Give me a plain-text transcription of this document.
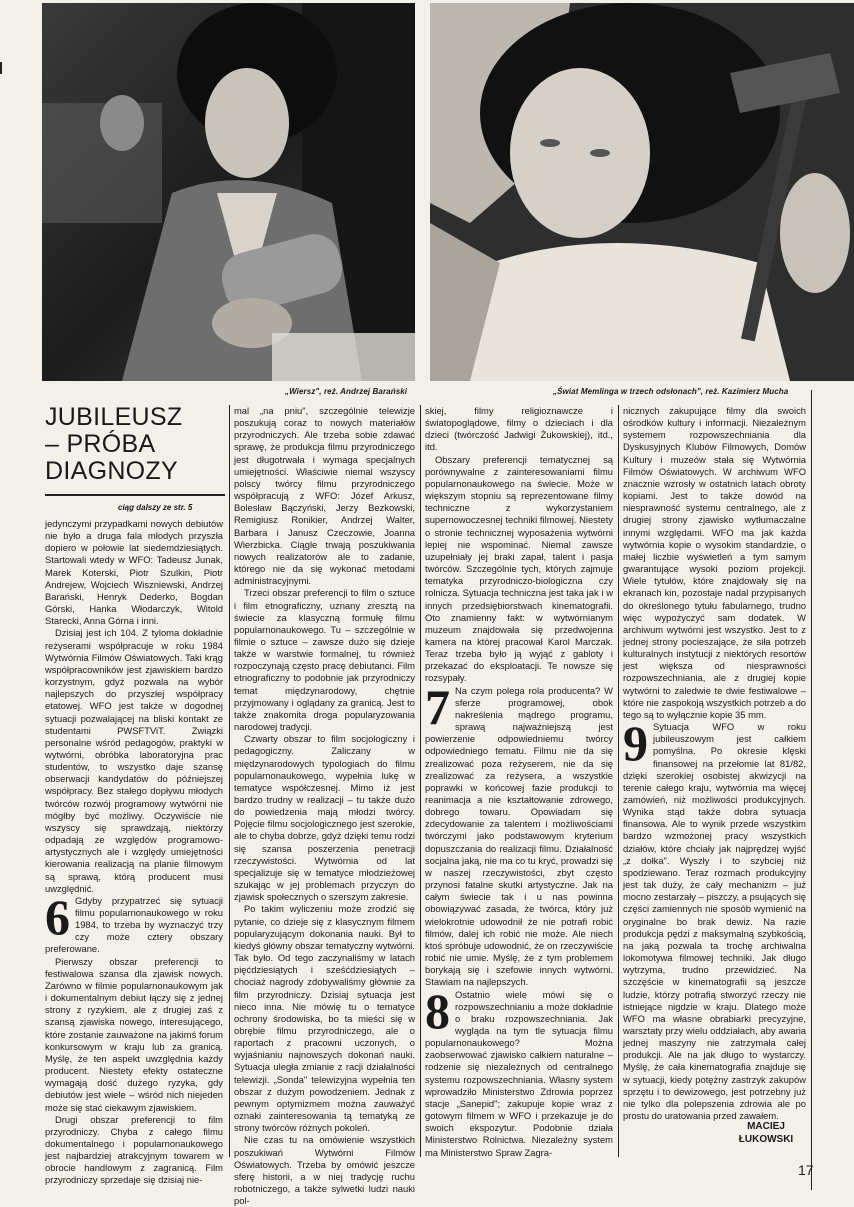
„Wiersz", reż. Andrzej Barański	„Świat Memlinga w trzech odsłonach", reż. Kazimierz Mucha
JUBILEUSZ
– PRÓBA
DIAGNOZY
ciąg dalszy ze str. 5

jedynczymi przypadkami nowych debiutów nie było a druga fala młodych przyszła dopiero w połowie lat siedemdziesiątych. Startowali wtedy w WFO: Tadeusz Junak, Marek Koterski, Piotr Szulkin, Piotr Andrejew, Wojciech Wiszniewski, Andrzej Barański, Henryk Dederko, Bogdan Górski, Hanka Włodarczyk, Witold Starecki, Anna Górna i inni.

Dzisiaj jest ich 104. Z tyloma dokładnie reżyserami współpracuje w roku 1984 Wytwórnia Filmów Oświatowych. Taki krąg współpracowników jest zjawiskiem bardzo korzystnym, gdyż pozwala na wybór najlepszych do przyszłej współpracy etatowej. WFO jest także w dogodnej sytuacji pozwalającej na bliski kontakt ze studentami PWSFTViT. Związki personalne wśród pedagogów, praktyki w wytwórni, obróbka laboratoryjna prac studentów, to wszystko daje szansę obserwacji kandydatów do późniejszej współpracy. Bez stałego dopływu młodych twórców rozwój programowy wytwórni nie mógłby być możliwy. Oczywiście nie wszyscy się sprawdzają, niektórzy odpadają ze względów programowo-artystycznych ale i względy umiejętności kierowania realizacją na planie filmowym są sprawą, którą producent musi uwzględnić.

6 Gdyby przypatrzeć się sytuacji filmu popularnonaukowego w roku 1984, to trzeba by wyznaczyć trzy czy może cztery obszary preferowane.

Pierwszy obszar preferencji to festiwalowa szansa dla zjawisk nowych. Zarówno w filmie popularnonaukowym jak i dokumentalnym debiut łączy się z jednej strony z ryzykiem, ale z drugiej zaś z szansą zjawiska nowego, interesującego, które zostanie zauważone na jakimś forum konkursowym w kraju lub za granicą. Myślę, że ten aspekt uwzględnia każdy producent. Niestety efekty ostateczne wymagają dość dużego ryzyka, gdy debiutów jest wiele – wśród nich niejeden może się stać ciekawym zjawiskiem.

Drugi obszar preferencji to film przyrodniczy. Chyba z całego filmu dokumentalnego i popularnonaukowego jest najbardziej atrakcyjnym towarem w obrocie handlowym z zagranicą. Film przyrodniczy sprzedaje się dzisiaj nie-

mal „na pniu", szczególnie telewizje poszukują coraz to nowych materiałów przyrodniczych. Ale trzeba sobie zdawać sprawę, że produkcja filmu przyrodniczego jest długotrwała i wymaga specjalnych umiejętności. Właściwie niemal wszyscy polscy twórcy filmu przyrodniczego współpracują z WFO: Józef Arkusz, Bolesław Bączyński, Jerzy Bezkowski, Remigiusz Ronikier, Andrzej Walter, Barbara i Janusz Czeczowie, Joanna Wierzbicka. Ciągle trwają poszukiwania nowych realizatorów ale to zadanie, którego nie da się wykonać metodami administracyjnymi.

Trzeci obszar preferencji to film o sztuce i film etnograficzny, uznany zresztą na świecie za klasyczną formułę filmu popularnonaukowego. Tu – szczególnie w filmie o sztuce – zawsze dużo się dzieje także w warstwie formalnej, tu również rozpoczynają często pracę debiutanci. Film etnograficzny to podobnie jak przyrodniczy temat międzynarodowy, chętnie przyjmowany i oglądany za granicą. Jest to także znakomita droga popularyzowania narodowej tradycji.

Czwarty obszar to film socjologiczny i pedagogiczny. Zaliczany w międzynarodowych typologiach do filmu popularnonaukowego, wypełnia lukę w tematyce współczesnej. Mimo iż jest bardzo trudny w realizacji – tu także dużo do powiedzenia mają młodzi twórcy. Pojęcie filmu socjologicznego jest szerokie, ale to chyba dobrze, gdyż dzięki temu rodzi się szansa poszerzenia penetracji rzeczywistości. Wytwórnia od lat specjalizuje się w tematyce młodzieżowej szukając w jej problemach przyczyn do zjawisk społecznych o szerszym zakresie.

Po takim wyliczeniu może zrodzić się pytanie, co dzieje się z klasycznym filmem popularyzującym dokonania nauki. Był to kiedyś główny obszar tematyczny wytwórni. Tak było. Od tego zaczynaliśmy w latach pięćdziesiątych i sześćdziesiątych – chociaż nagrody zdobywaliśmy głównie za film przyrodniczy. Dzisiaj sytuacja jest nieco inna. Nie mówię tu o tematyce ochrony środowiska, bo ta mieści się w obrębie filmu przyrodniczego, ale o raportach z pracowni uczonych, o wyjaśnianiu najnowszych dokonań nauki. Sytuacja uległa zmianie z racji działalności telewizji. „Sonda" telewizyjna wypełnia ten obszar z dużym powodzeniem. Jednak z pewnym optymizmem można zauważyć oznaki zainteresowania tą tematyką ze strony twórców różnych pokoleń.

Nie czas tu na omówienie wszystkich poszukiwań Wytwórni Filmów Oświatowych. Trzeba by omówić jeszcze sferę historii, a w niej tradycję ruchu robotniczego, a także sylwetki ludzi nauki pol-

skiej, filmy religioznawcze i światopoglądowe, filmy o dzieciach i dla dzieci (twórczość Jadwigi Żukowskiej), itd., itd.

Obszary preferencji tematycznej są porównywalne z zainteresowaniami filmu popularnonaukowego na świecie. Może w większym stopniu są reprezentowane filmy techniczne z wykorzystaniem supernowoczesnej techniki filmowej. Niestety o stronie technicznej wyposażenia wytwórni lepiej nie wspominać. Niemal zawsze uzupełniały jej braki zapał, talent i pasja twórców. Szczególnie tych, których zajmuje tematyka przyrodniczo-biologiczna czy rolnicza. Sytuacja techniczna jest taka jak i w innych przedsiębiorstwach kinematografii. Oto znamienny fakt: w wytwórnianym muzeum znajdowała się przedwojenna kamera na której pracował Karol Marczak. Teraz trzeba było ją wyjąć z gabloty i przekazać do eksploatacji. Te nowsze się rozsypały.

7 Na czym polega rola producenta? W sferze programowej, obok nakreślenia mądrego programu, sprawą najważniejszą jest powierzenie odpowiedniemu twórcy odpowiedniego tematu. Filmu nie da się zrealizować poza reżyserem, nie da się zrealizować za reżysera, a wszystkie poprawki w końcowej fazie produkcji to reanimacja a nie kształtowanie zdrowego, dobrego towaru. Opowiadam się zdecydowanie za talentem i możliwościami twórczymi jako podstawowym kryterium dopuszczania do realizacji filmu. Działalność socjalna jaką, nie ma co tu kryć, prowadzi się w naszej rzeczywistości, zbyt często przynosi fatalne skutki artystyczne. Jak na całym świecie tak i u nas powinna obowiązywać zasada, że twórca, który już wielokrotnie udowodnił że nie potrafi robić filmów, dalej ich robić nie może. Ale niech ktoś spróbuje udowodnić, że on rzeczywiście robić nie umie. Myślę, że z tym problemem borykają się i szefowie innych wytwórni. Stawiam na najlepszych.

8 Ostatnio wiele mówi się o rozpowszechnianiu a może dokładnie o braku rozpowszechniania. Jak wygląda na tym tle sytuacja filmu popularnonaukowego? Można zaobserwować zjawisko całkiem naturalne – rodzenie się niezależnych od centralnego systemu rozpowszechniania. Własny system wprowadziło Ministerstwo Zdrowia poprzez stacje „Sanepid"; zakupuje kopie wraz z gotowym filmem w WFO i przekazuje je do swoich ekspozytur. Podobnie działa Ministerstwo Rolnictwa. Niezależny system ma Ministerstwo Spraw Zagra-

nicznych zakupujące filmy dla swoich ośrodków kultury i informacji. Niezależnym systemem rozpowszechniania dla Dyskusyjnych Klubów Filmowych, Domów Kultury i muzeów stała się Wytwórnia Filmów Oświatowych. W archiwum WFO znacznie wzrosły w ostatnich latach obroty kopiami. Jest to także dowód na niesprawność systemu centralnego, ale z drugiej strony zjawisko wytłumaczalne innymi względami. WFO ma jak każda wytwórnia kopie o wysokim standardzie, o małej liczbie wyświetleń a tym samym gwarantujące wysoki poziom projekcji. Wiele tytułów, które znajdowały się na ekranach kin, pozostaje nadal przypisanych do określonego tytułu fabularnego, trudno więc wypożyczyć sam dodatek. W archiwum wytwórni jest wszystko. Jest to z jednej strony pocieszające, że siła potrzeb kulturalnych instytucji z niektórych resortów jest większa od niesprawności rozpowszechniania, ale z drugiej kopie wytwórni to zaledwie te dwie festiwalowe – które nie zaspokoją wszystkich potrzeb a do tego są to wyłącznie kopie 35 mm.

9 Sytuacja WFO w roku jubileuszowym jest całkiem pomyślna. Po okresie klęski finansowej na przełomie lat 81/82, dzięki szerokiej osobistej akwizycji na terenie całego kraju, wytwórnia ma więcej zamówień, niż możliwości produkcyjnych. Wynika stąd także dobra sytuacja finansowa. Ale to wynik przede wszystkim bardzo wzmożonej pracy wszystkich działów, które chciały jak najprędzej wyjść „z dołka". Wyszły i to szybciej niż spodziewano. Teraz rozmach produkcyjny jest tak duży, że cały mechanizm – już mocno zestarzały – piszczy, a psujących się części zamiennych nie sposób wymienić na oryginalne bo brak dewiz. Na razie produkcja pędzi z maksymalną szybkością, na jaką pozwala ta trochę archiwalna lokomotywa filmowej techniki. Jak długo wytrzyma, trudno przewidzieć. Na szczęście w kinematografii są jeszcze ludzie, którzy potrafią stworzyć rzeczy nie istniejące nigdzie w kraju. Dlatego może WFO ma własne obrabiarki precyzyjne, warsztaty przy wielu oddziałach, aby awaria jednej maszyny nie zatrzymała całej produkcji. Ale na jak długo to wystarczy. Myślę, że cała kinematografia znajduje się w sytuacji, kiedy potężny zastrzyk zakupów sprzętu i to dewizowego, jest potrzebny już nie tylko dla polepszenia zdrowia ale po prostu do uratowania przed zawałem.

MACIEJ
ŁUKOWSKI
17
